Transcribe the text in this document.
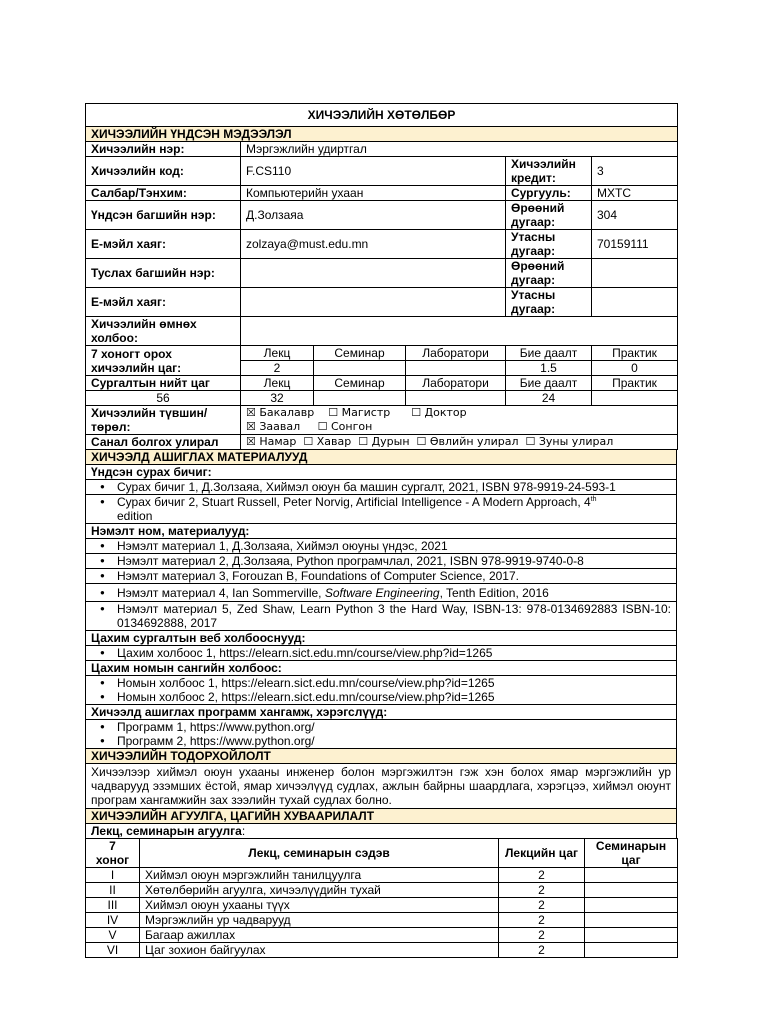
ХИЧЭЭЛИЙН ХӨТӨЛБӨР					
ХИЧЭЭЛИЙН ҮНДСЭН МЭДЭЭЛЭЛ					
Хичээлийн нэр:	Мэргэжлийн удиртгал				
Хичээлийн код:	F.CS110			Хичээлийн кредит:	3
Салбар/Тэнхим:	Компьютерийн ухаан			Сургууль:	МХТС
Үндсэн багшийн нэр:	Д.Золзаяа			Өрөөний дугаар:	304
Е-мэйл хаяг:	zolzaya@must.edu.mn			Утасны дугаар:	70159111
Туслах багшийн нэр:				Өрөөний дугаар:	
Е-мэйл хаяг:				Утасны дугаар:	
Хичээлийн өмнөх холбоо:					
7 хоногт орох хичээлийн цаг:	Лекц	Семинар	Лаборатори	Бие даалт	Практик
	2			1.5	0
Сургалтын нийт цаг	Лекц	Семинар	Лаборатори	Бие даалт	Практик
56	32			24	
Хичээлийн түвшин/төрөл:	☒ Бакалавр    ☐ Магистр      ☐ Доктор
☒ Заавал     ☐ Сонгон				

Санал болгох улирал	☒ Намар  ☐ Хавар  ☐ Дурын  ☐ Өвлийн улирал  ☐ Зуны улирал				
ХИЧЭЭЛД АШИГЛАХ МАТЕРИАЛУУД
Үндсэн сурах бичиг:

● Сурах бичиг 1, Д.Золзаяа, Хиймэл оюун ба машин сургалт, 2021, ISBN 978-9919-24-593-1

● Сурах бичиг 2, Stuart Russell, Peter Norvig, Artificial Intelligence - A Modern Approach, 4th
edition

Нэмэлт ном, материалууд:

● Нэмэлт материал 1, Д.Золзаяа, Хиймэл оюуны үндэс, 2021

● Нэмэлт материал 2, Д.Золзаяа, Python програмчлал, 2021, ISBN 978-9919-9740-0-8

● Нэмэлт материал 3, Forouzan B, Foundations of Computer Science, 2017.

● Нэмэлт материал 4, Ian Sommerville, Software Engineering, Tenth Edition, 2016

● Нэмэлт материал 5, Zed Shaw, Learn Python 3 the Hard Way, ISBN-13: 978-0134692883 ISBN-10: 0134692888, 2017

Цахим сургалтын веб холбооснууд:

● Цахим холбоос 1, https://elearn.sict.edu.mn/course/view.php?id=1265

Цахим номын сангийн холбоос:

● Номын холбоос 1, https://elearn.sict.edu.mn/course/view.php?id=1265
● Номын холбоос 2, https://elearn.sict.edu.mn/course/view.php?id=1265

Хичээлд ашиглах программ хангамж, хэрэгслүүд:

● Программ 1, https://www.python.org/
● Программ 2, https://www.python.org/

ХИЧЭЭЛИЙН ТОДОРХОЙЛОЛТ
Хичээлээр хиймэл оюун ухааны инженер болон мэргэжилтэн гэж хэн болох ямар мэргэжлийн ур чадварууд эзэмших ёстой, ямар хичээлүүд судлах, ажлын байрны шаардлага, хэрэгцээ, хиймэл оюунт програм хангамжийн зах зээлийн тухай судлах болно.
ХИЧЭЭЛИЙН АГУУЛГА, ЦАГИЙН ХУВААРИЛАЛТ
Лекц, семинарын агуулга:
7 хоног	Лекц, семинарын сэдэв	Лекцийн цаг	Семинарын цаг
I	Хиймэл оюун мэргэжлийн танилцуулга	2	
II	Хөтөлбөрийн агуулга, хичээлүүдийн тухай	2	
III	Хиймэл оюун ухааны түүх	2	
IV	Мэргэжлийн ур чадварууд	2	
V	Багаар ажиллах	2	
VI	Цаг зохион байгуулах	2	
